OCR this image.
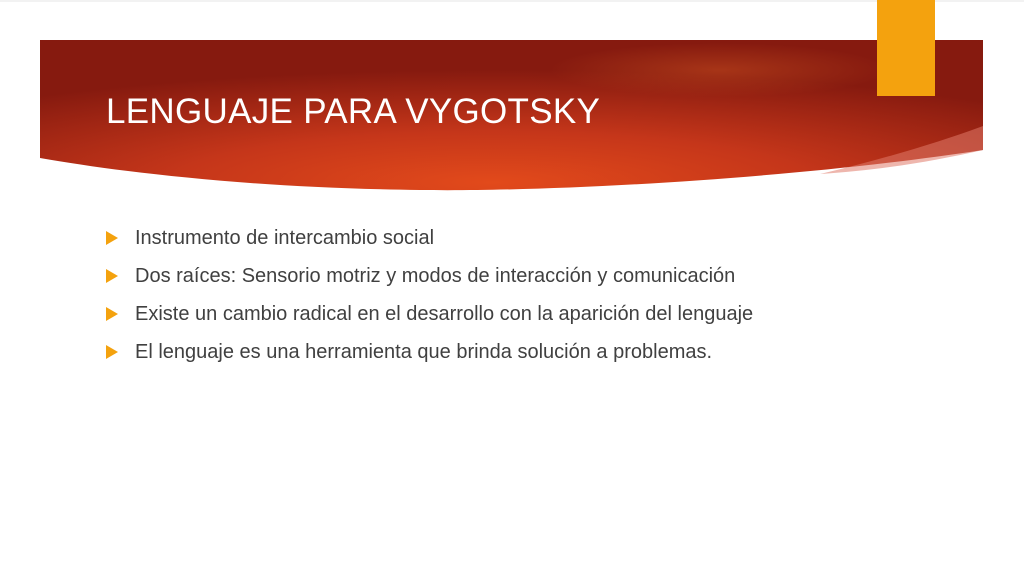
LENGUAJE PARA VYGOTSKY
Instrumento de intercambio social
Dos raíces: Sensorio motriz y modos de interacción y comunicación
Existe un cambio radical en el desarrollo con la aparición del lenguaje
El lenguaje es una herramienta que brinda solución a problemas.
